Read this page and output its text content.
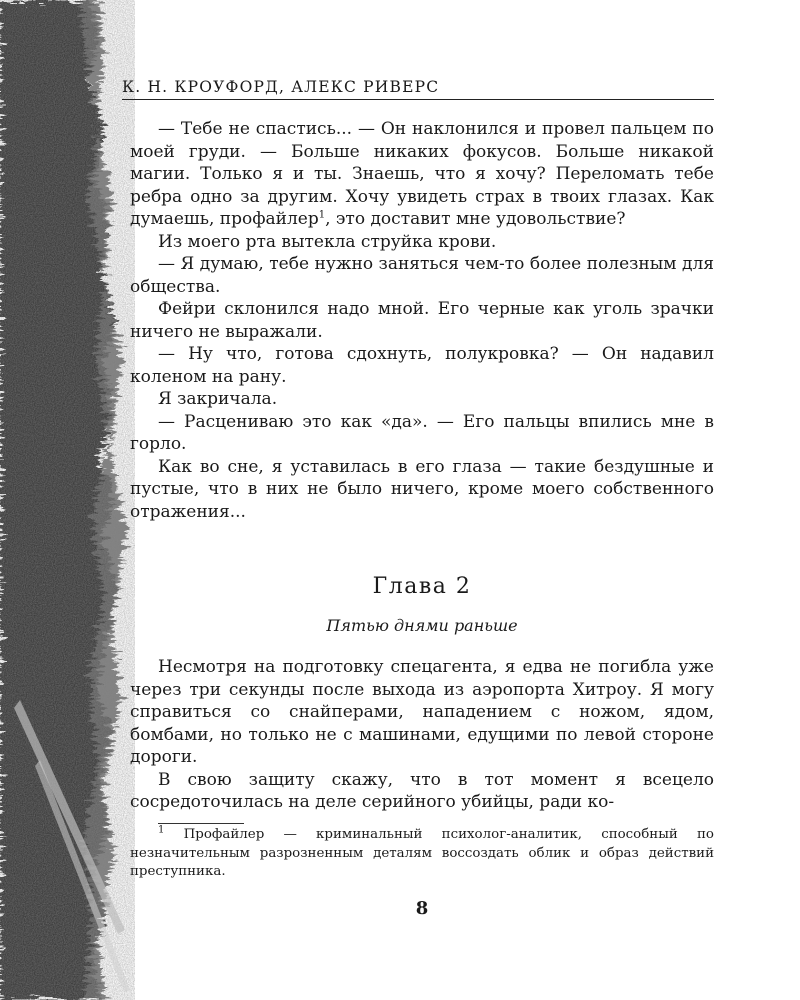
К. Н. КРОУФОРД, АЛЕКС РИВЕРС

— Тебе не спастись... — Он наклонился и провел пальцем по моей груди. — Больше никаких фокусов. Больше никакой магии. Только я и ты. Знаешь, что я хочу? Переломать тебе ребра одно за другим. Хочу увидеть страх в твоих глазах. Как думаешь, профайлер$^1$, это доставит мне удовольствие?

Из моего рта вытекла струйка крови.

— Я думаю, тебе нужно заняться чем-то более полезным для общества.

Фейри склонился надо мной. Его черные как уголь зрачки ничего не выражали.

— Ну что, готова сдохнуть, полукровка? — Он надавил коленом на рану.

Я закричала.

— Расцениваю это как «да». — Его пальцы впились мне в горло.

Как во сне, я уставилась в его глаза — такие бездушные и пустые, что в них не было ничего, кроме моего собственного отражения...

Глава 2
Пятью днями раньше

Несмотря на подготовку спецагента, я едва не погибла уже через три секунды после выхода из аэропорта Хитроу. Я могу справиться со снайперами, нападением с ножом, ядом, бомбами, но только не с машинами, едущими по левой стороне дороги.

В свою защиту скажу, что в тот момент я всецело сосредоточилась на деле серийного убийцы, ради ко-

$^1$ Профайлер — криминальный психолог-аналитик, способный по незначительным разрозненным деталям воссоздать облик и образ действий преступника.

8
